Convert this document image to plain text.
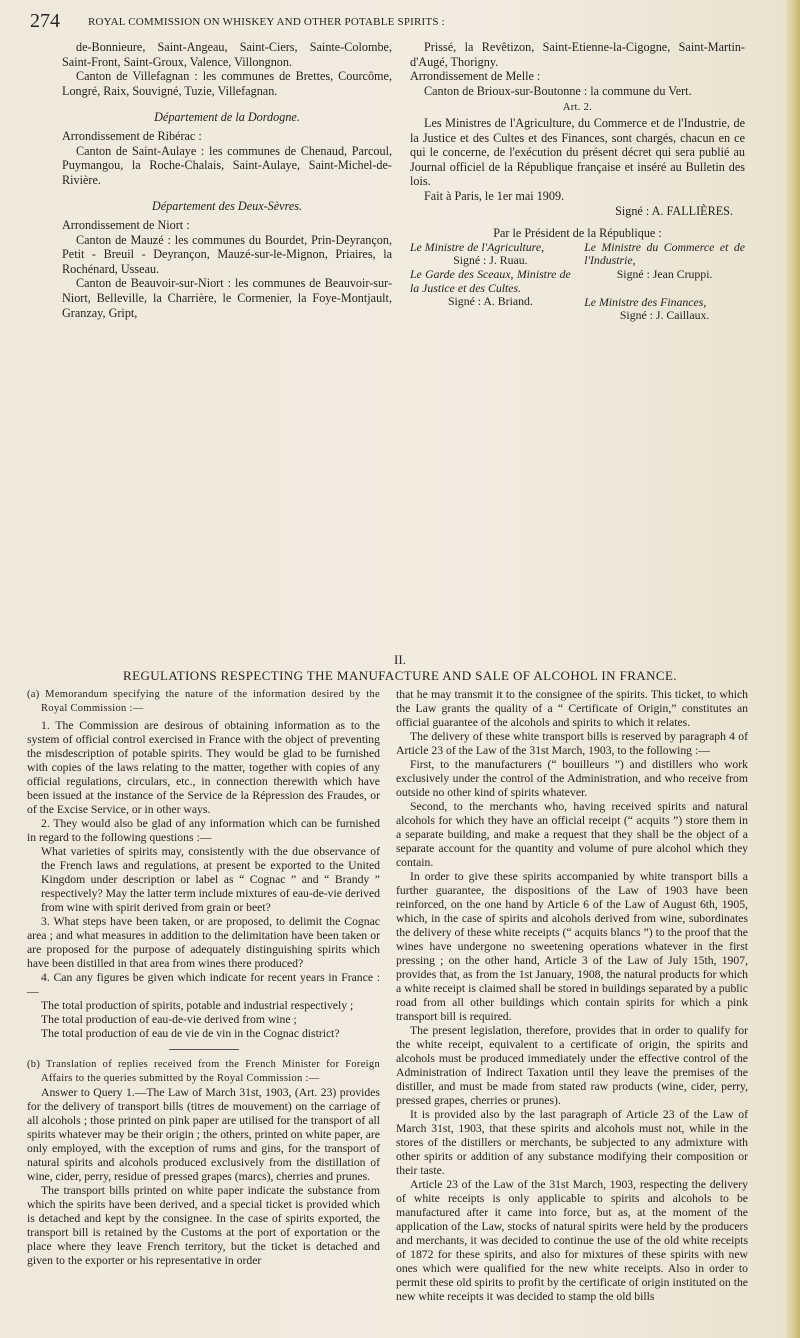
274	ROYAL COMMISSION ON WHISKEY AND OTHER POTABLE SPIRITS :

de-Bonnieure, Saint-Angeau, Saint-Ciers, Sainte-Colombe, Saint-Front, Saint-Groux, Valence, Villongnon.

Canton de Villefagnan : les communes de Brettes, Courcôme, Longré, Raix, Souvigné, Tuzie, Villefagnan.

Département de la Dordogne.

Arrondissement de Ribérac :

Canton de Saint-Aulaye : les communes de Chenaud, Parcoul, Puymangou, la Roche-Chalais, Saint-Aulaye, Saint-Michel-de-Rivière.

Département des Deux-Sèvres.

Arrondissement de Niort :

Canton de Mauzé : les communes du Bourdet, Prin-Deyrançon, Petit - Breuil - Deyrançon, Mauzé-sur-le-Mignon, Priaires, la Rochénard, Usseau.

Canton de Beauvoir-sur-Niort : les communes de Beauvoir-sur-Niort, Belleville, la Charrière, le Cormenier, la Foye-Montjault, Granzay, Gript,

Prissé, la Revêtizon, Saint-Etienne-la-Cigogne, Saint-Martin-d'Augé, Thorigny.

Arrondissement de Melle :

Canton de Brioux-sur-Boutonne : la commune du Vert.

Art. 2.

Les Ministres de l'Agriculture, du Commerce et de l'Industrie, de la Justice et des Cultes et des Finances, sont chargés, chacun en ce qui le concerne, de l'exécution du présent décret qui sera publié au Journal officiel de la République française et inséré au Bulletin des lois.

Fait à Paris, le 1er mai 1909.

Signé : A. FALLIÈRES.

Par le Président de la République :

Le Ministre de l'Agriculture,

Signé : J. Ruau.

Le Garde des Sceaux, Ministre de la Justice et des Cultes.

Signé : A. Briand.

Le Ministre du Commerce et de l'Industrie,

Signé : Jean Cruppi.

Le Ministre des Finances,

Signé : J. Caillaux.

II.
REGULATIONS RESPECTING THE MANUFACTURE AND SALE OF ALCOHOL IN FRANCE.

(a) Memorandum specifying the nature of the information desired by the Royal Commission :—

1. The Commission are desirous of obtaining information as to the system of official control exercised in France with the object of preventing the misdescription of potable spirits. They would be glad to be furnished with copies of the laws relating to the matter, together with copies of any official regulations, circulars, etc., in connection therewith which have been issued at the instance of the Service de la Répression des Fraudes, or of the Excise Service, or in other ways.

2. They would also be glad of any information which can be furnished in regard to the following questions :—

What varieties of spirits may, consistently with the due observance of the French laws and regulations, at present be exported to the United Kingdom under description or label as “ Cognac ” and “ Brandy ” respectively? May the latter term include mixtures of eau-de-vie derived from wine with spirit derived from grain or beet?

3. What steps have been taken, or are proposed, to delimit the Cognac area ; and what measures in addition to the delimitation have been taken or are proposed for the purpose of adequately distinguishing spirits which have been distilled in that area from wines there produced?

4. Can any figures be given which indicate for recent years in France :—

The total production of spirits, potable and industrial respectively ;

The total production of eau-de-vie derived from wine ;

The total production of eau de vie de vin in the Cognac district?

(b) Translation of replies received from the French Minister for Foreign Affairs to the queries submitted by the Royal Commission :—

Answer to Query 1.—The Law of March 31st, 1903, (Art. 23) provides for the delivery of transport bills (titres de mouvement) on the carriage of all alcohols ; those printed on pink paper are utilised for the transport of all spirits whatever may be their origin ; the others, printed on white paper, are only employed, with the exception of rums and gins, for the transport of natural spirits and alcohols produced exclusively from the distillation of wine, cider, perry, residue of pressed grapes (marcs), cherries and prunes.

The transport bills printed on white paper indicate the substance from which the spirits have been derived, and a special ticket is provided which is detached and kept by the consignee. In the case of spirits exported, the transport bill is retained by the Customs at the port of exportation or the place where they leave French territory, but the ticket is detached and given to the exporter or his representative in order

that he may transmit it to the consignee of the spirits. This ticket, to which the Law grants the quality of a “ Certificate of Origin,” constitutes an official guarantee of the alcohols and spirits to which it relates.

The delivery of these white transport bills is reserved by paragraph 4 of Article 23 of the Law of the 31st March, 1903, to the following :—

First, to the manufacturers (“ bouilleurs ”) and distillers who work exclusively under the control of the Administration, and who receive from outside no other kind of spirits whatever.

Second, to the merchants who, having received spirits and natural alcohols for which they have an official receipt (“ acquits ”) store them in a separate building, and make a request that they shall be the object of a separate account for the quantity and volume of pure alcohol which they contain.

In order to give these spirits accompanied by white transport bills a further guarantee, the dispositions of the Law of 1903 have been reinforced, on the one hand by Article 6 of the Law of August 6th, 1905, which, in the case of spirits and alcohols derived from wine, subordinates the delivery of these white receipts (“ acquits blancs ”) to the proof that the wines have undergone no sweetening operations whatever in the first pressing ; on the other hand, Article 3 of the Law of July 15th, 1907, provides that, as from the 1st January, 1908, the natural products for which a white receipt is claimed shall be stored in buildings separated by a public road from all other buildings which contain spirits for which a pink transport bill is required.

The present legislation, therefore, provides that in order to qualify for the white receipt, equivalent to a certificate of origin, the spirits and alcohols must be produced immediately under the effective control of the Administration of Indirect Taxation until they leave the premises of the distiller, and must be made from stated raw products (wine, cider, perry, pressed grapes, cherries or prunes).

It is provided also by the last paragraph of Article 23 of the Law of March 31st, 1903, that these spirits and alcohols must not, while in the stores of the distillers or merchants, be subjected to any admixture with other spirits or addition of any substance modifying their composition or their taste.

Article 23 of the Law of the 31st March, 1903, respecting the delivery of white receipts is only applicable to spirits and alcohols to be manufactured after it came into force, but as, at the moment of the application of the Law, stocks of natural spirits were held by the producers and merchants, it was decided to continue the use of the old white receipts of 1872 for these spirits, and also for mixtures of these spirits with new ones which were qualified for the new white receipts. Also in order to permit these old spirits to profit by the certificate of origin instituted on the new white receipts it was decided to stamp the old bills
